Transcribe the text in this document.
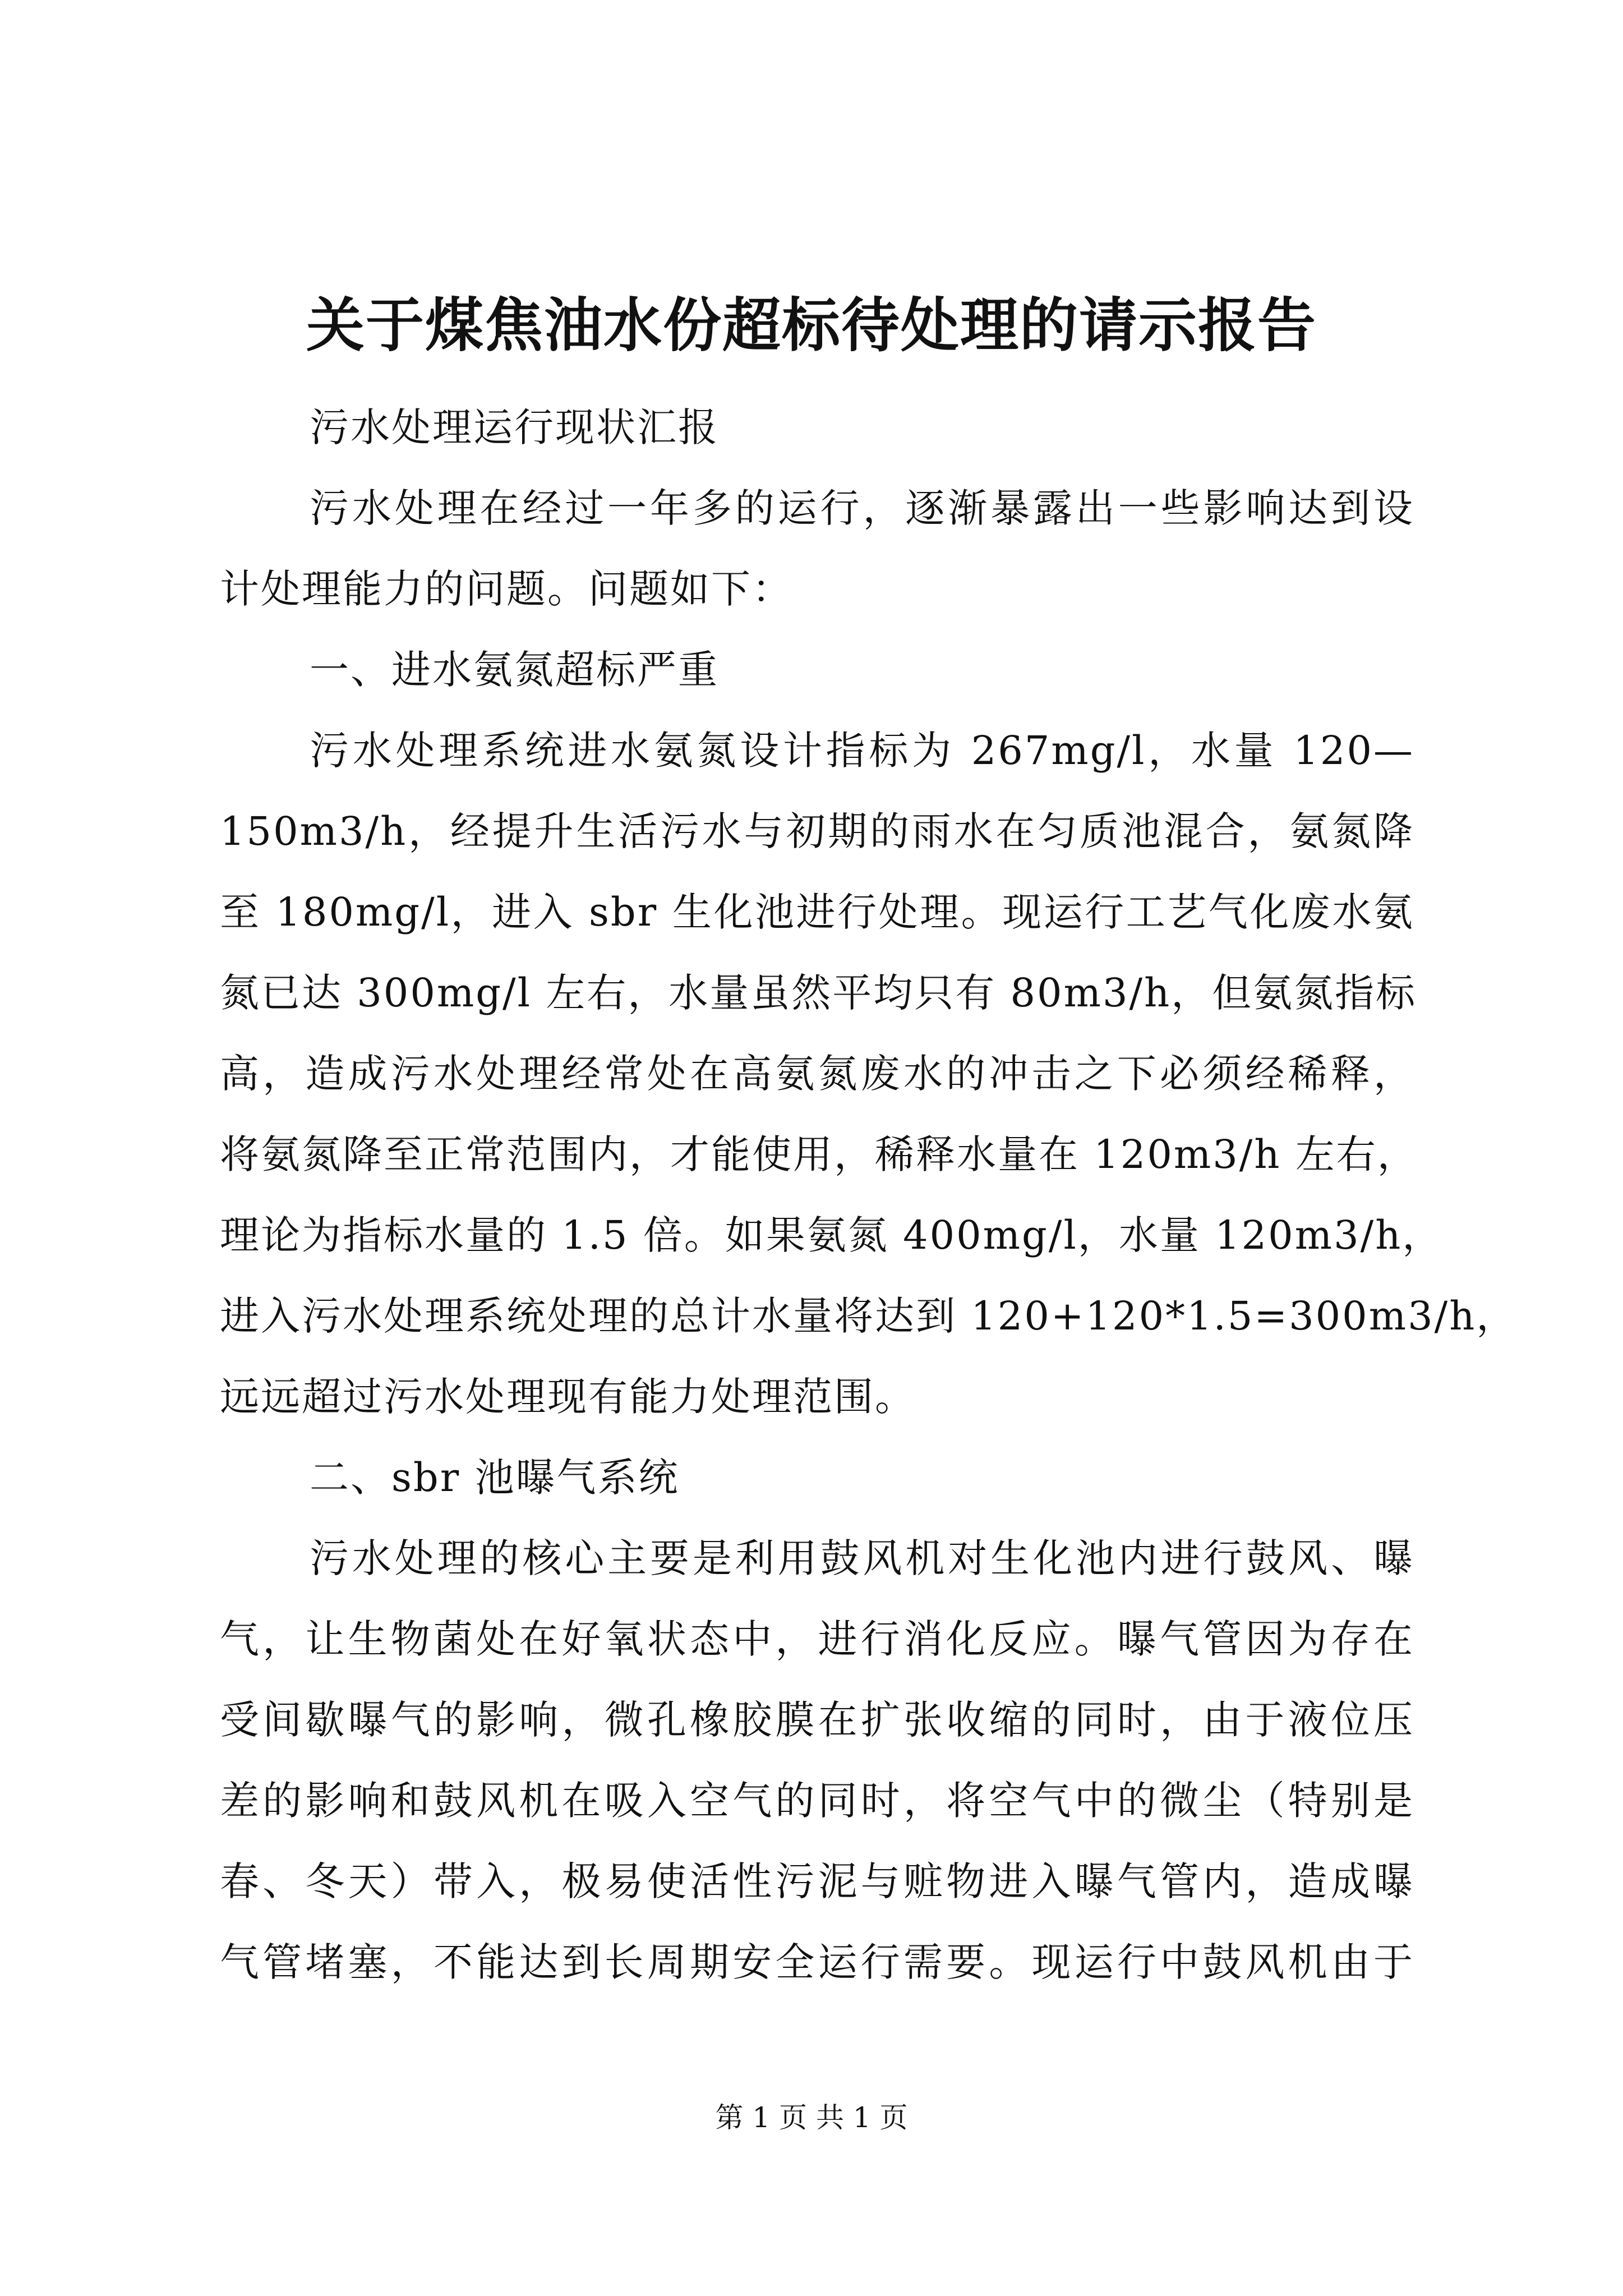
关于煤焦油水份超标待处理的请示报告
污水处理运行现状汇报
污水处理在经过一年多的运行，逐渐暴露出一些影响达到设
计处理能力的问题。问题如下：
一、进水氨氮超标严重
污水处理系统进水氨氮设计指标为 267mg/l，水量 120—
150m3/h，经提升生活污水与初期的雨水在匀质池混合，氨氮降
至 180mg/l，进入 sbr 生化池进行处理。现运行工艺气化废水氨
氮已达 300mg/l 左右，水量虽然平均只有 80m3/h，但氨氮指标
高，造成污水处理经常处在高氨氮废水的冲击之下必须经稀释，
将氨氮降至正常范围内，才能使用，稀释水量在 120m3/h 左右，
理论为指标水量的 1.5 倍。如果氨氮 400mg/l，水量 120m3/h，
进入污水处理系统处理的总计水量将达到 120+120*1.5=300m3/h，
远远超过污水处理现有能力处理范围。
二、sbr 池曝气系统
污水处理的核心主要是利用鼓风机对生化池内进行鼓风、曝
气，让生物菌处在好氧状态中，进行消化反应。曝气管因为存在
受间歇曝气的影响，微孔橡胶膜在扩张收缩的同时，由于液位压
差的影响和鼓风机在吸入空气的同时，将空气中的微尘（特别是
春、冬天）带入，极易使活性污泥与赃物进入曝气管内，造成曝
气管堵塞，不能达到长周期安全运行需要。现运行中鼓风机由于
第 1 页 共 1 页
